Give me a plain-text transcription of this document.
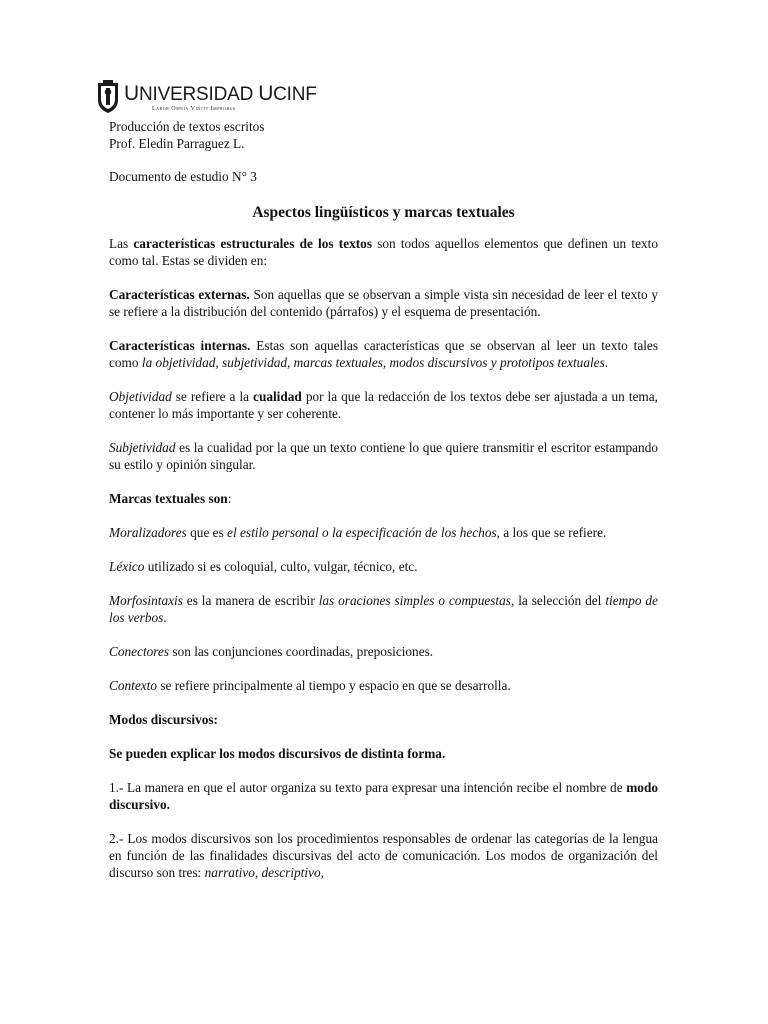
UNIVERSIDAD UCINF
Labor Omnia Vincit Improbus

Producción de textos escritos

Prof. Eledin Parraguez L.

Documento de estudio N° 3

Aspectos lingüísticos y marcas textuales

Las características estructurales de los textos son todos aquellos elementos que definen un texto como tal. Estas se dividen en:

Características externas. Son aquellas que se observan a simple vista sin necesidad de leer el texto y se refiere a la distribución del contenido (párrafos) y el esquema de presentación.

Características internas. Estas son aquellas características que se observan al leer un texto tales como la objetividad, subjetividad, marcas textuales, modos discursivos y prototipos textuales.

Objetividad se refiere a la cualidad por la que la redacción de los textos debe ser ajustada a un tema, contener lo más importante y ser coherente.

Subjetividad es la cualidad por la que un texto contiene lo que quiere transmitir el escritor estampando su estilo y opinión singular.

Marcas textuales son:

Moralizadores que es el estilo personal o la especificación de los hechos, a los que se refiere.

Léxico utilizado si es coloquial, culto, vulgar, técnico, etc.

Morfosintaxis es la manera de escribir las oraciones simples o compuestas, la selección del tiempo de los verbos.

Conectores son las conjunciones coordinadas, preposiciones.

Contexto se refiere principalmente al tiempo y espacio en que se desarrolla.

Modos discursivos:

Se pueden explicar los modos discursivos de distinta forma.

1.- La manera en que el autor organiza su texto para expresar una intención recibe el nombre de modo discursivo.

2.- Los modos discursivos son los procedimientos responsables de ordenar las categorías de la lengua en función de las finalidades discursivas del acto de comunicación. Los modos de organización del discurso son tres: narrativo, descriptivo,
